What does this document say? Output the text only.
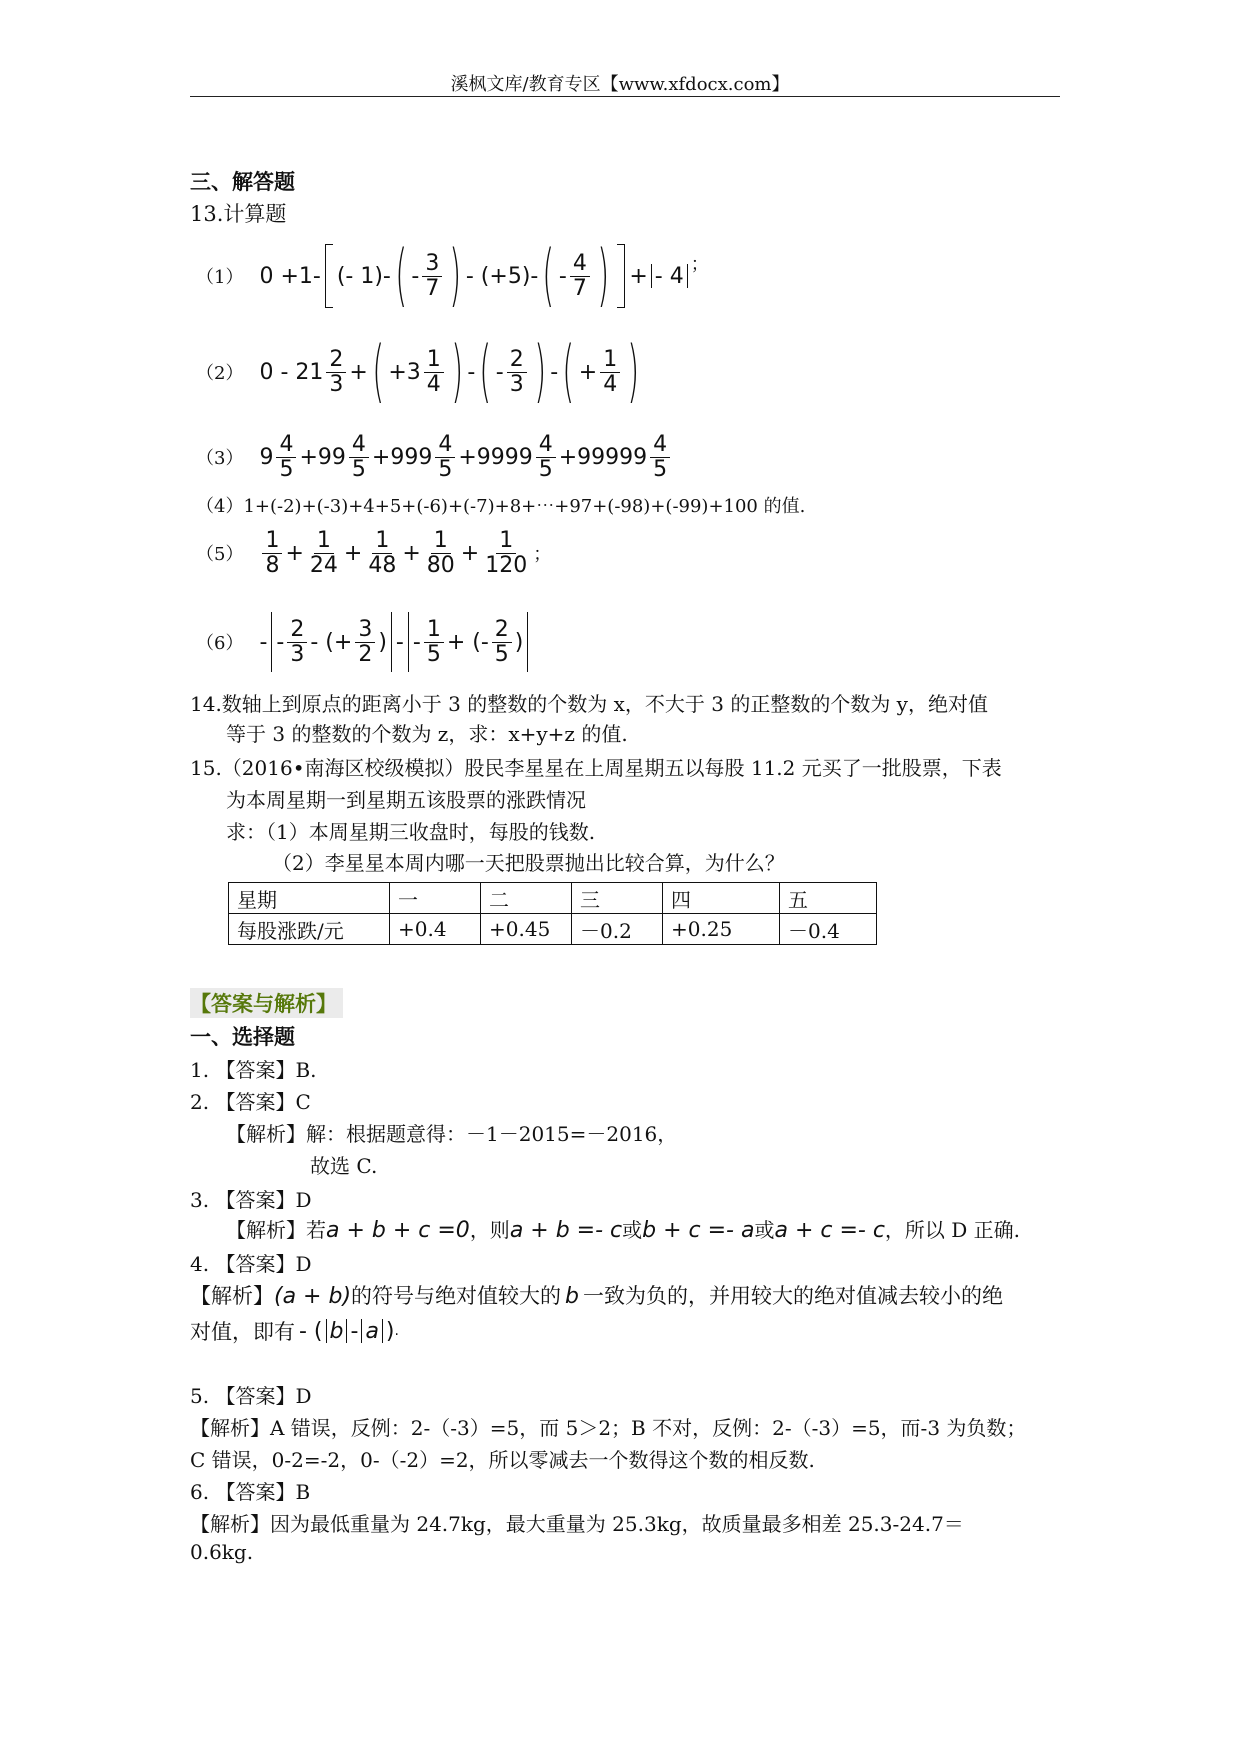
溪枫文库/教育专区【www.xfdocx.com】
三、解答题
13.计算题
（1） 0 +1- (- 1)- ( - $\frac{3}{7}$ ) - (+5)- ( - $\frac{4}{7}$ ) + - 4 ；
（2） $0 - 21 \frac{2}{3}$ + ( $+3 \frac{1}{4}$ ) - ( - $\frac{2}{3}$ ) - ( + $\frac{1}{4}$ )
（3） $9 \frac{4}{5} +99 \frac{4}{5} +999 \frac{4}{5} +9999 \frac{4}{5} +99999 \frac{4}{5}$
（4）1+(-2)+(-3)+4+5+(-6)+(-7)+8+⋯+97+(-98)+(-99)+100 的值.
$(5) \frac{1}{8} + \frac{1}{24} + \frac{1}{48} + \frac{1}{80} + \frac{1}{120}$ ；
（6） - - $\frac{2}{3}$ - (+ $\frac{3}{2}$ ) - - $\frac{1}{5}$ + (- $\frac{2}{5}$ )
14.数轴上到原点的距离小于 3 的整数的个数为 x，不大于 3 的正整数的个数为 y，绝对值
等于 3 的整数的个数为 z，求：x+y+z 的值.
15.（2016•南海区校级模拟）股民李星星在上周星期五以每股 11.2 元买了一批股票，下表
为本周星期一到星期五该股票的涨跌情况
求：（1）本周星期三收盘时，每股的钱数.
（2）李星星本周内哪一天把股票抛出比较合算，为什么？
星期	一	二	三	四	五
每股涨跌/元	+0.4	+0.45	－0.2	+0.25	－0.4
【答案与解析】
一、选择题
1. 【答案】B.
2. 【答案】C
【解析】解：根据题意得：－1－2015=－2016，
故选 C.
3. 【答案】D
【解析】若 a + b + c =0 ，则 a + b =- c 或 b + c =- a 或 a + c =- c ，所以 D 正确.
4. 【答案】D
【解析】 (a + b) 的符号与绝对值较大的 b 一致为负的，并用较大的绝对值减去较小的绝
对值，即有 - ( b - a ) .
5. 【答案】D
【解析】A 错误，反例：2-（-3）=5，而 5＞2；B 不对，反例：2-（-3）=5，而-3 为负数；
C 错误，0-2=-2，0-（-2）=2，所以零减去一个数得这个数的相反数.
6. 【答案】B
【解析】因为最低重量为 24.7kg，最大重量为 25.3kg，故质量最多相差 25.3-24.7＝
0.6kg.
